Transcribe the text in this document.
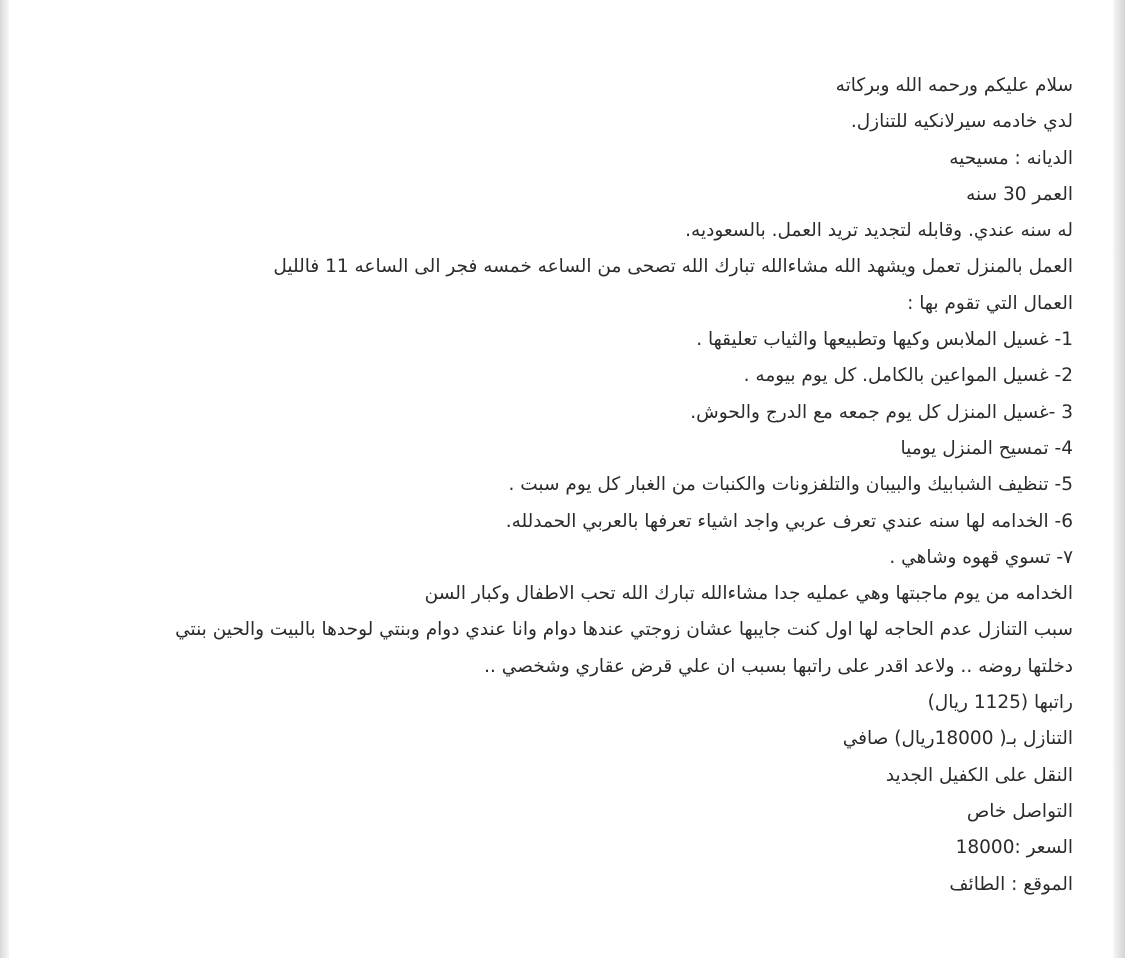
سلام عليكم ورحمه الله وبركاته

لدي خادمه سيرلانكيه للتنازل.

الديانه : مسيحيه

العمر 30 سنه

له سنه عندي. وقابله لتجديد تريد العمل. بالسعوديه.

العمل بالمنزل تعمل ويشهد الله مشاءالله تبارك الله تصحى من الساعه خمسه فجر الى الساعه 11 فالليل

العمال التي تقوم بها :

1- غسيل الملابس وكيها وتطبيعها والثياب تعليقها .

2- غسيل المواعين بالكامل. كل يوم بيومه .

3 -غسيل المنزل كل يوم جمعه مع الدرج والحوش.

4- تمسيح المنزل يوميا

5- تنظيف الشبابيك والبيبان والتلفزونات والكنبات من الغبار كل يوم سبت .

6- الخدامه لها سنه عندي تعرف عربي واجد اشياء تعرفها بالعربي الحمدلله.

٧- تسوي قهوه وشاهي .

الخدامه من يوم ماجبتها وهي عمليه جدا مشاءالله تبارك الله تحب الاطفال وكبار السن

سبب التنازل عدم الحاجه لها اول كنت جايبها عشان زوجتي عندها دوام وانا عندي دوام وبنتي لوحدها بالبيت والحين بنتي

دخلتها روضه .. ولاعد اقدر على راتبها بسبب ان علي قرض عقاري وشخصي ..

راتبها (1125 ريال)

التنازل بـ( 18000ريال) صافي

النقل على الكفيل الجديد

التواصل خاص

السعر :18000

الموقع : الطائف
